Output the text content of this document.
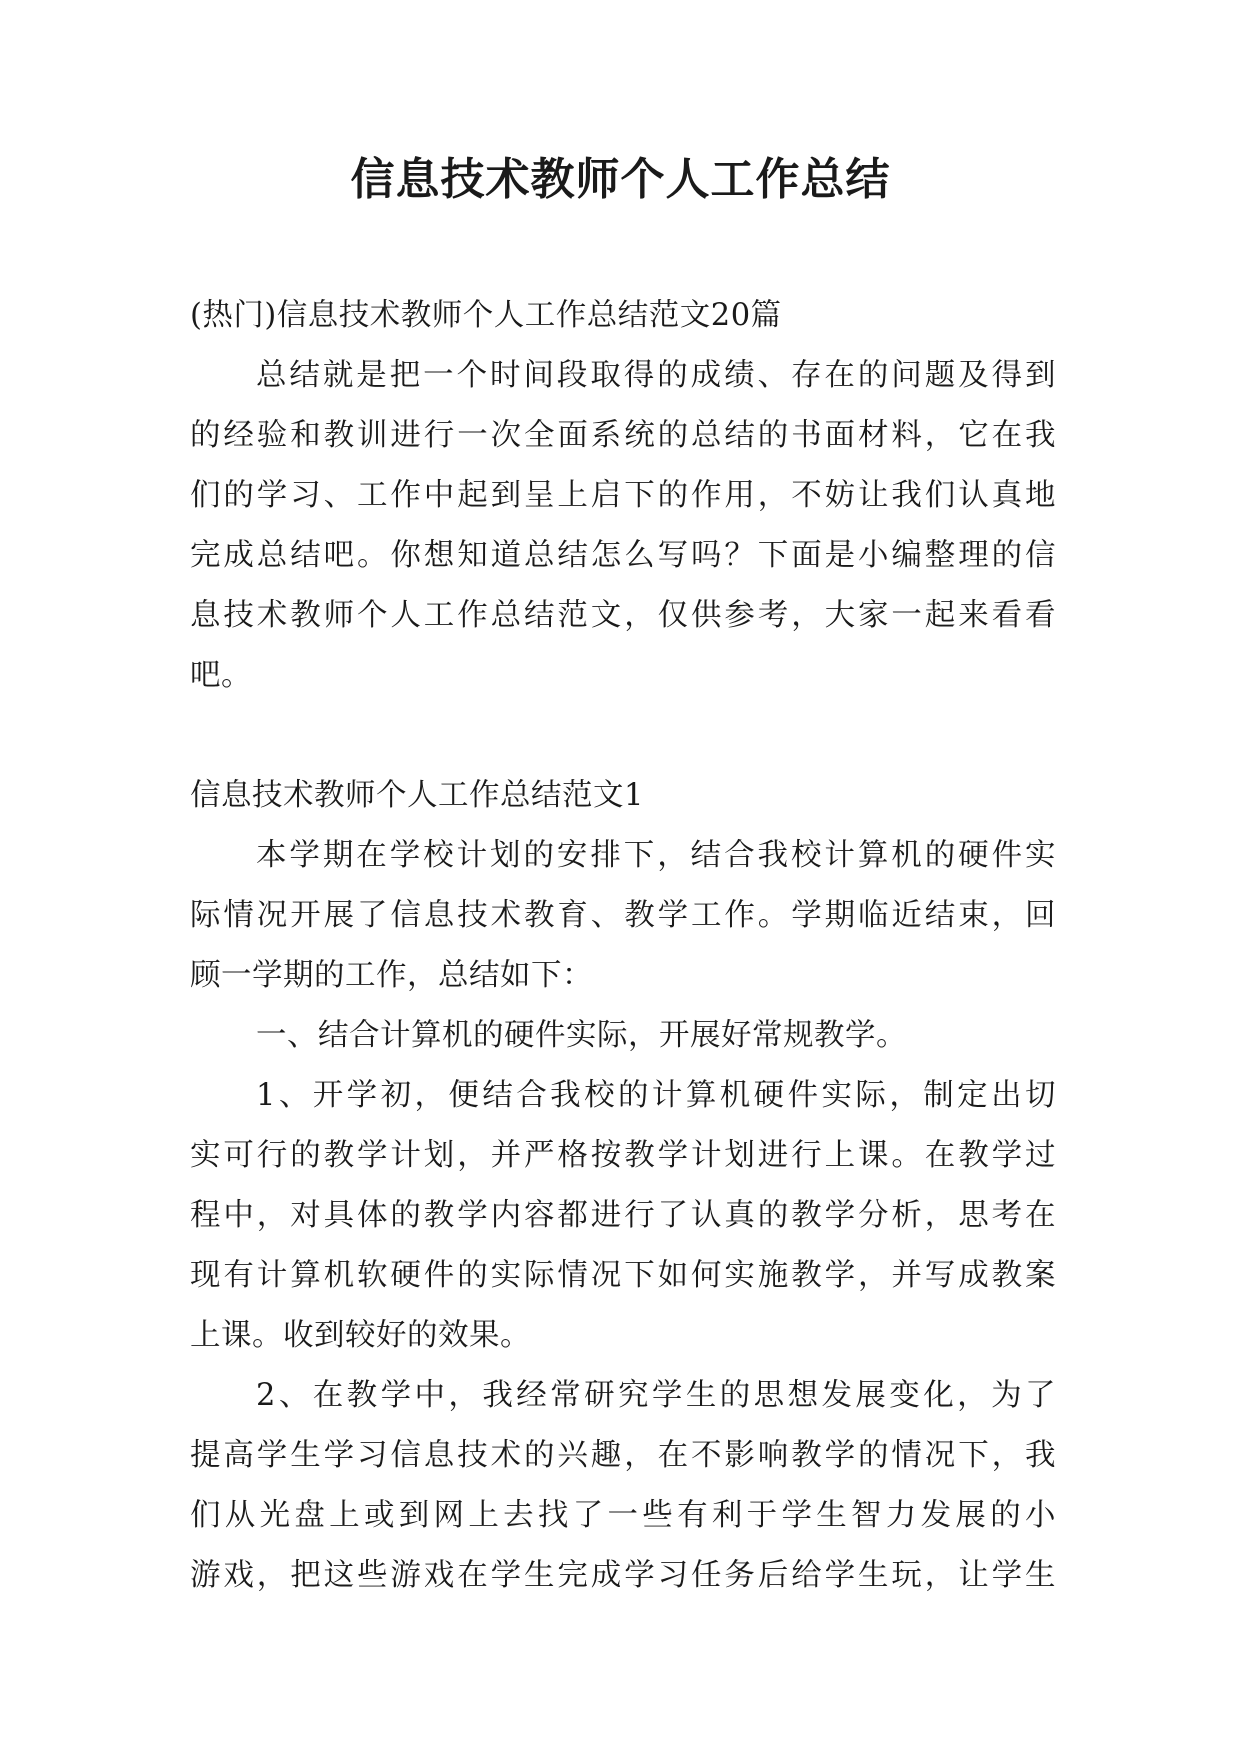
信息技术教师个人工作总结
(热门)信息技术教师个人工作总结范文20篇
总结就是把一个时间段取得的成绩、存在的问题及得到
的经验和教训进行一次全面系统的总结的书面材料，它在我
们的学习、工作中起到呈上启下的作用，不妨让我们认真地
完成总结吧。你想知道总结怎么写吗？下面是小编整理的信
息技术教师个人工作总结范文，仅供参考，大家一起来看看
吧。
信息技术教师个人工作总结范文1
本学期在学校计划的安排下，结合我校计算机的硬件实
际情况开展了信息技术教育、教学工作。学期临近结束，回
顾一学期的工作，总结如下：
一、结合计算机的硬件实际，开展好常规教学。
1、开学初，便结合我校的计算机硬件实际，制定出切
实可行的教学计划，并严格按教学计划进行上课。在教学过
程中，对具体的教学内容都进行了认真的教学分析，思考在
现有计算机软硬件的实际情况下如何实施教学，并写成教案
上课。收到较好的效果。
2、在教学中，我经常研究学生的思想发展变化，为了
提高学生学习信息技术的兴趣，在不影响教学的情况下，我
们从光盘上或到网上去找了一些有利于学生智力发展的小
游戏，把这些游戏在学生完成学习任务后给学生玩，让学生
